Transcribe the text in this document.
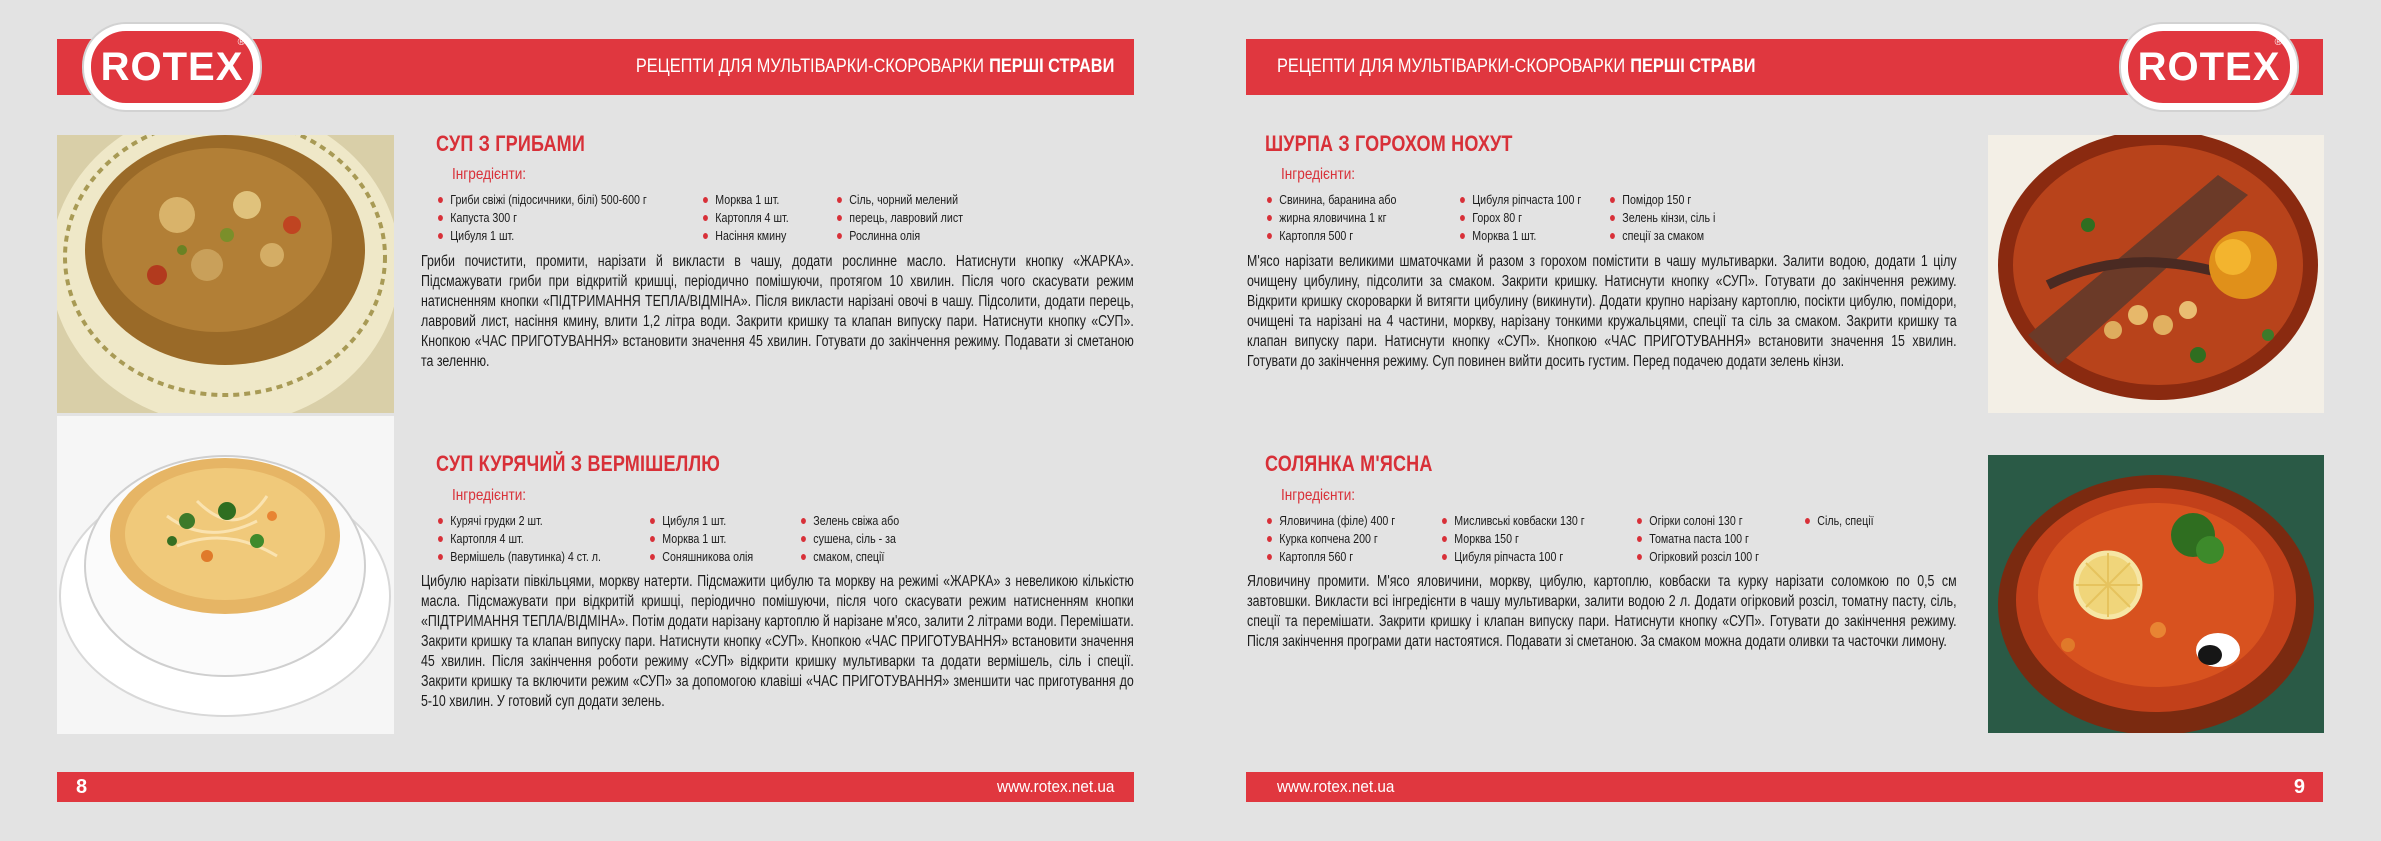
РЕЦЕПТИ ДЛЯ МУЛЬТІВАРКИ-СКОРОВАРКИ ПЕРШІ СТРАВИ
ROTEX
®
СУП З ГРИБАМИ
Інгредієнти:
Гриби свіжі (підосичники, білі) 500-600 г
Капуста 300 г
Цибуля 1 шт.
Морква 1 шт.
Картопля 4 шт.
Насіння кмину
Сіль, чорний мелений
перець, лавровий лист
Рослинна олія

Гриби почистити, промити, нарізати й викласти в чашу, додати рослинне масло. Натиснути кнопку «ЖАРКА». Підсмажувати гриби при відкритій кришці, періодично помішуючи, протягом 10 хвилин. Після чого скасувати режим натисненням кнопки «ПІДТРИМАННЯ ТЕПЛА/ВІДМІНА». Після викласти нарізані овочі в чашу. Підсолити, додати перець, лавровий лист, насіння кмину, влити 1,2 літра води. Закрити кришку та клапан випуску пари. Натиснути кнопку «СУП». Кнопкою «ЧАС ПРИГОТУВАННЯ» встановити значення 45 хвилин. Готувати до закінчення режиму. Подавати зі сметаною та зеленню.

СУП КУРЯЧИЙ З ВЕРМІШЕЛЛЮ
Інгредієнти:
Курячі грудки 2 шт.
Картопля 4 шт.
Вермішель (павутинка) 4 ст. л.
Цибуля 1 шт.
Морква 1 шт.
Соняшникова олія
Зелень свіжа або
сушена, сіль - за
смаком, спеції

Цибулю нарізати півкільцями, моркву натерти. Підсмажити цибулю та моркву на режимі «ЖАРКА» з невеликою кількістю масла. Підсмажувати при відкритій кришці, періодично помішуючи, після чого скасувати режим натисненням кнопки «ПІДТРИМАННЯ ТЕПЛА/ВІДМІНА». Потім додати нарізану картоплю й нарізане м'ясо, залити 2 літрами води. Перемішати. Закрити кришку та клапан випуску пари. Натиснути кнопку «СУП». Кнопкою «ЧАС ПРИГОТУВАННЯ» встановити значення 45 хвилин. Після закінчення роботи режиму «СУП» відкрити кришку мультиварки та додати вермішель, сіль і спеції. Закрити кришку та включити режим «СУП» за допомогою клавіші «ЧАС ПРИГОТУВАННЯ» зменшити час приготування до 5-10 хвилин. У готовий суп додати зелень.

8	www.rotex.net.ua
РЕЦЕПТИ ДЛЯ МУЛЬТІВАРКИ-СКОРОВАРКИ ПЕРШІ СТРАВИ	ROTEX
®
ШУРПА З ГОРОХОМ НОХУТ
Інгредієнти:
Свинина, баранина або
жирна яловичина 1 кг
Картопля 500 г
Цибуля ріпчаста 100 г
Горох 80 г
Морква 1 шт.
Помідор 150 г
Зелень кінзи, сіль і
спеції за смаком

М'ясо нарізати великими шматочками й разом з горохом помістити в чашу мультиварки. Залити водою, додати 1 цілу очищену цибулину, підсолити за смаком. Закрити кришку. Натиснути кнопку «СУП». Готувати до закінчення режиму. Відкрити кришку скороварки й витягти цибулину (викинути). Додати крупно нарізану картоплю, посікти цибулю, помідори, очищені та нарізані на 4 частини, моркву, нарізану тонкими кружальцями, спеції та сіль за смаком. Закрити кришку та клапан випуску пари. Натиснути кнопку «СУП». Кнопкою «ЧАС ПРИГОТУВАННЯ» встановити значення 15 хвилин. Готувати до закінчення режиму. Суп повинен вийти досить густим. Перед подачею додати зелень кінзи.

СОЛЯНКА М'ЯСНА
Інгредієнти:
Яловичина (філе) 400 г
Курка копчена 200 г
Картопля 560 г
Мисливські ковбаски 130 г
Морква 150 г
Цибуля ріпчаста 100 г
Огірки солоні 130 г
Томатна паста 100 г
Огірковий розсіл 100 г
Сіль, спеції

Яловичину промити. М'ясо яловичини, моркву, цибулю, картоплю, ковбаски та курку нарізати соломкою по 0,5 см завтовшки. Викласти всі інгредієнти в чашу мультиварки, залити водою 2 л. Додати огірковий розсіл, томатну пасту, сіль, спеції та перемішати. Закрити кришку і клапан випуску пари. Натиснути кнопку «СУП». Готувати до закінчення режиму. Після закінчення програми дати настоятися. Подавати зі сметаною. За смаком можна додати оливки та часточки лимону.

www.rotex.net.ua	9
